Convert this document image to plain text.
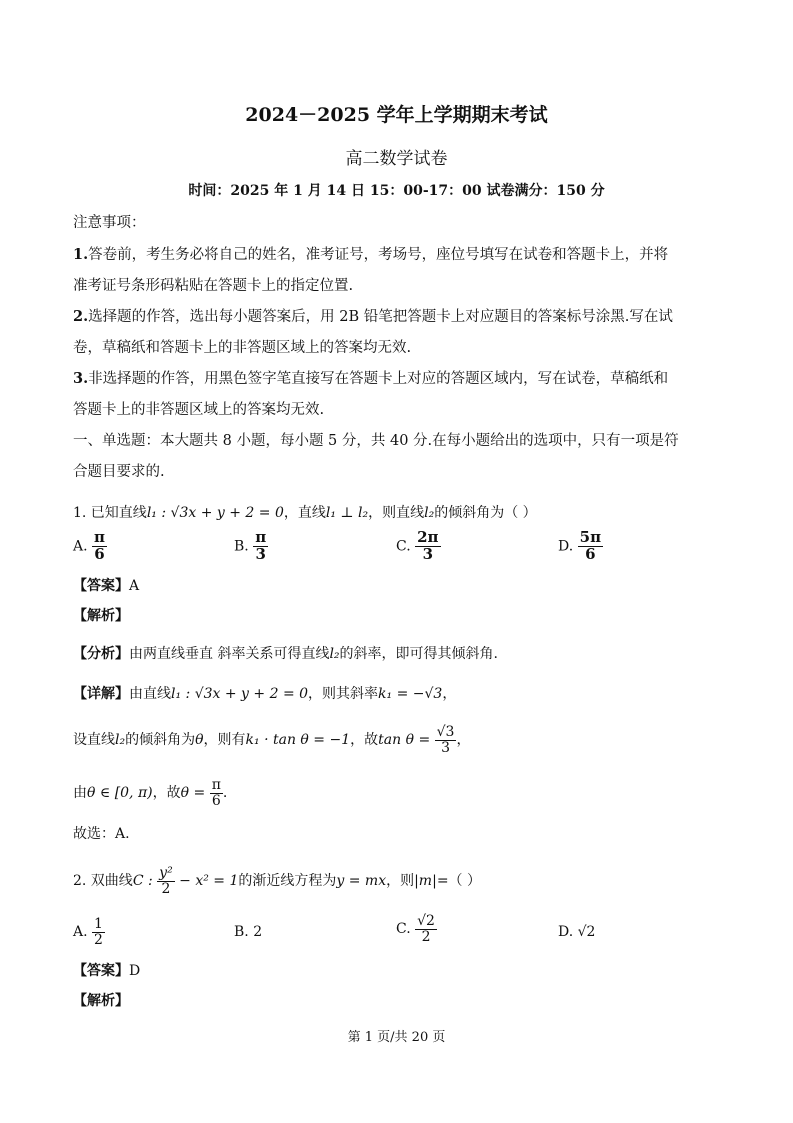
2024－2025 学年上学期期末考试
高二数学试卷
时间：2025 年 1 月 14 日 15：00-17：00 试卷满分：150 分
注意事项：
1.答卷前，考生务必将自己的姓名，准考证号，考场号，座位号填写在试卷和答题卡上，并将
准考证号条形码粘贴在答题卡上的指定位置.
2.选择题的作答，选出每小题答案后，用 2B 铅笔把答题卡上对应题目的答案标号涂黑.写在试
卷，草稿纸和答题卡上的非答题区域上的答案均无效.
3.非选择题的作答，用黑色签字笔直接写在答题卡上对应的答题区域内，写在试卷，草稿纸和
答题卡上的非答题区域上的答案均无效.
一、单选题：本大题共 8 小题，每小题 5 分，共 40 分.在每小题给出的选项中，只有一项是符
合题目要求的.
1. 已知直线l₁ : √3x + y + 2 = 0，直线l₁ ⊥ l₂，则直线l₂的倾斜角为（ ）
A. $\frac{\pi}{6}$	B. $\frac{\pi}{3}$	C. $\frac{2\pi}{3}$	D. $\frac{5\pi}{6}$
【答案】A
【解析】
【分析】由两直线垂直 斜率关系可得直线l₂的斜率，即可得其倾斜角.
【详解】由直线l₁ : √3x + y + 2 = 0，则其斜率k₁ = −√3，
设直线l₂的倾斜角为θ，则有k₁ · tan θ = −1，故$\tan \theta = \frac{√3}{3}$ ，
由θ ∈ [0, π)，故$\theta = \frac{\pi}{6}$ .
故选：A.
2. 双曲线C : $\frac{\text{y²}}{2} - x^2 = 1$的渐近线方程为y = mx，则|m|=（ ）
A. $\frac{1}{2}$	B. 2	C. $\frac{√2}{2}$	D. √2
【答案】D
【解析】
第 1 页/共 20 页
